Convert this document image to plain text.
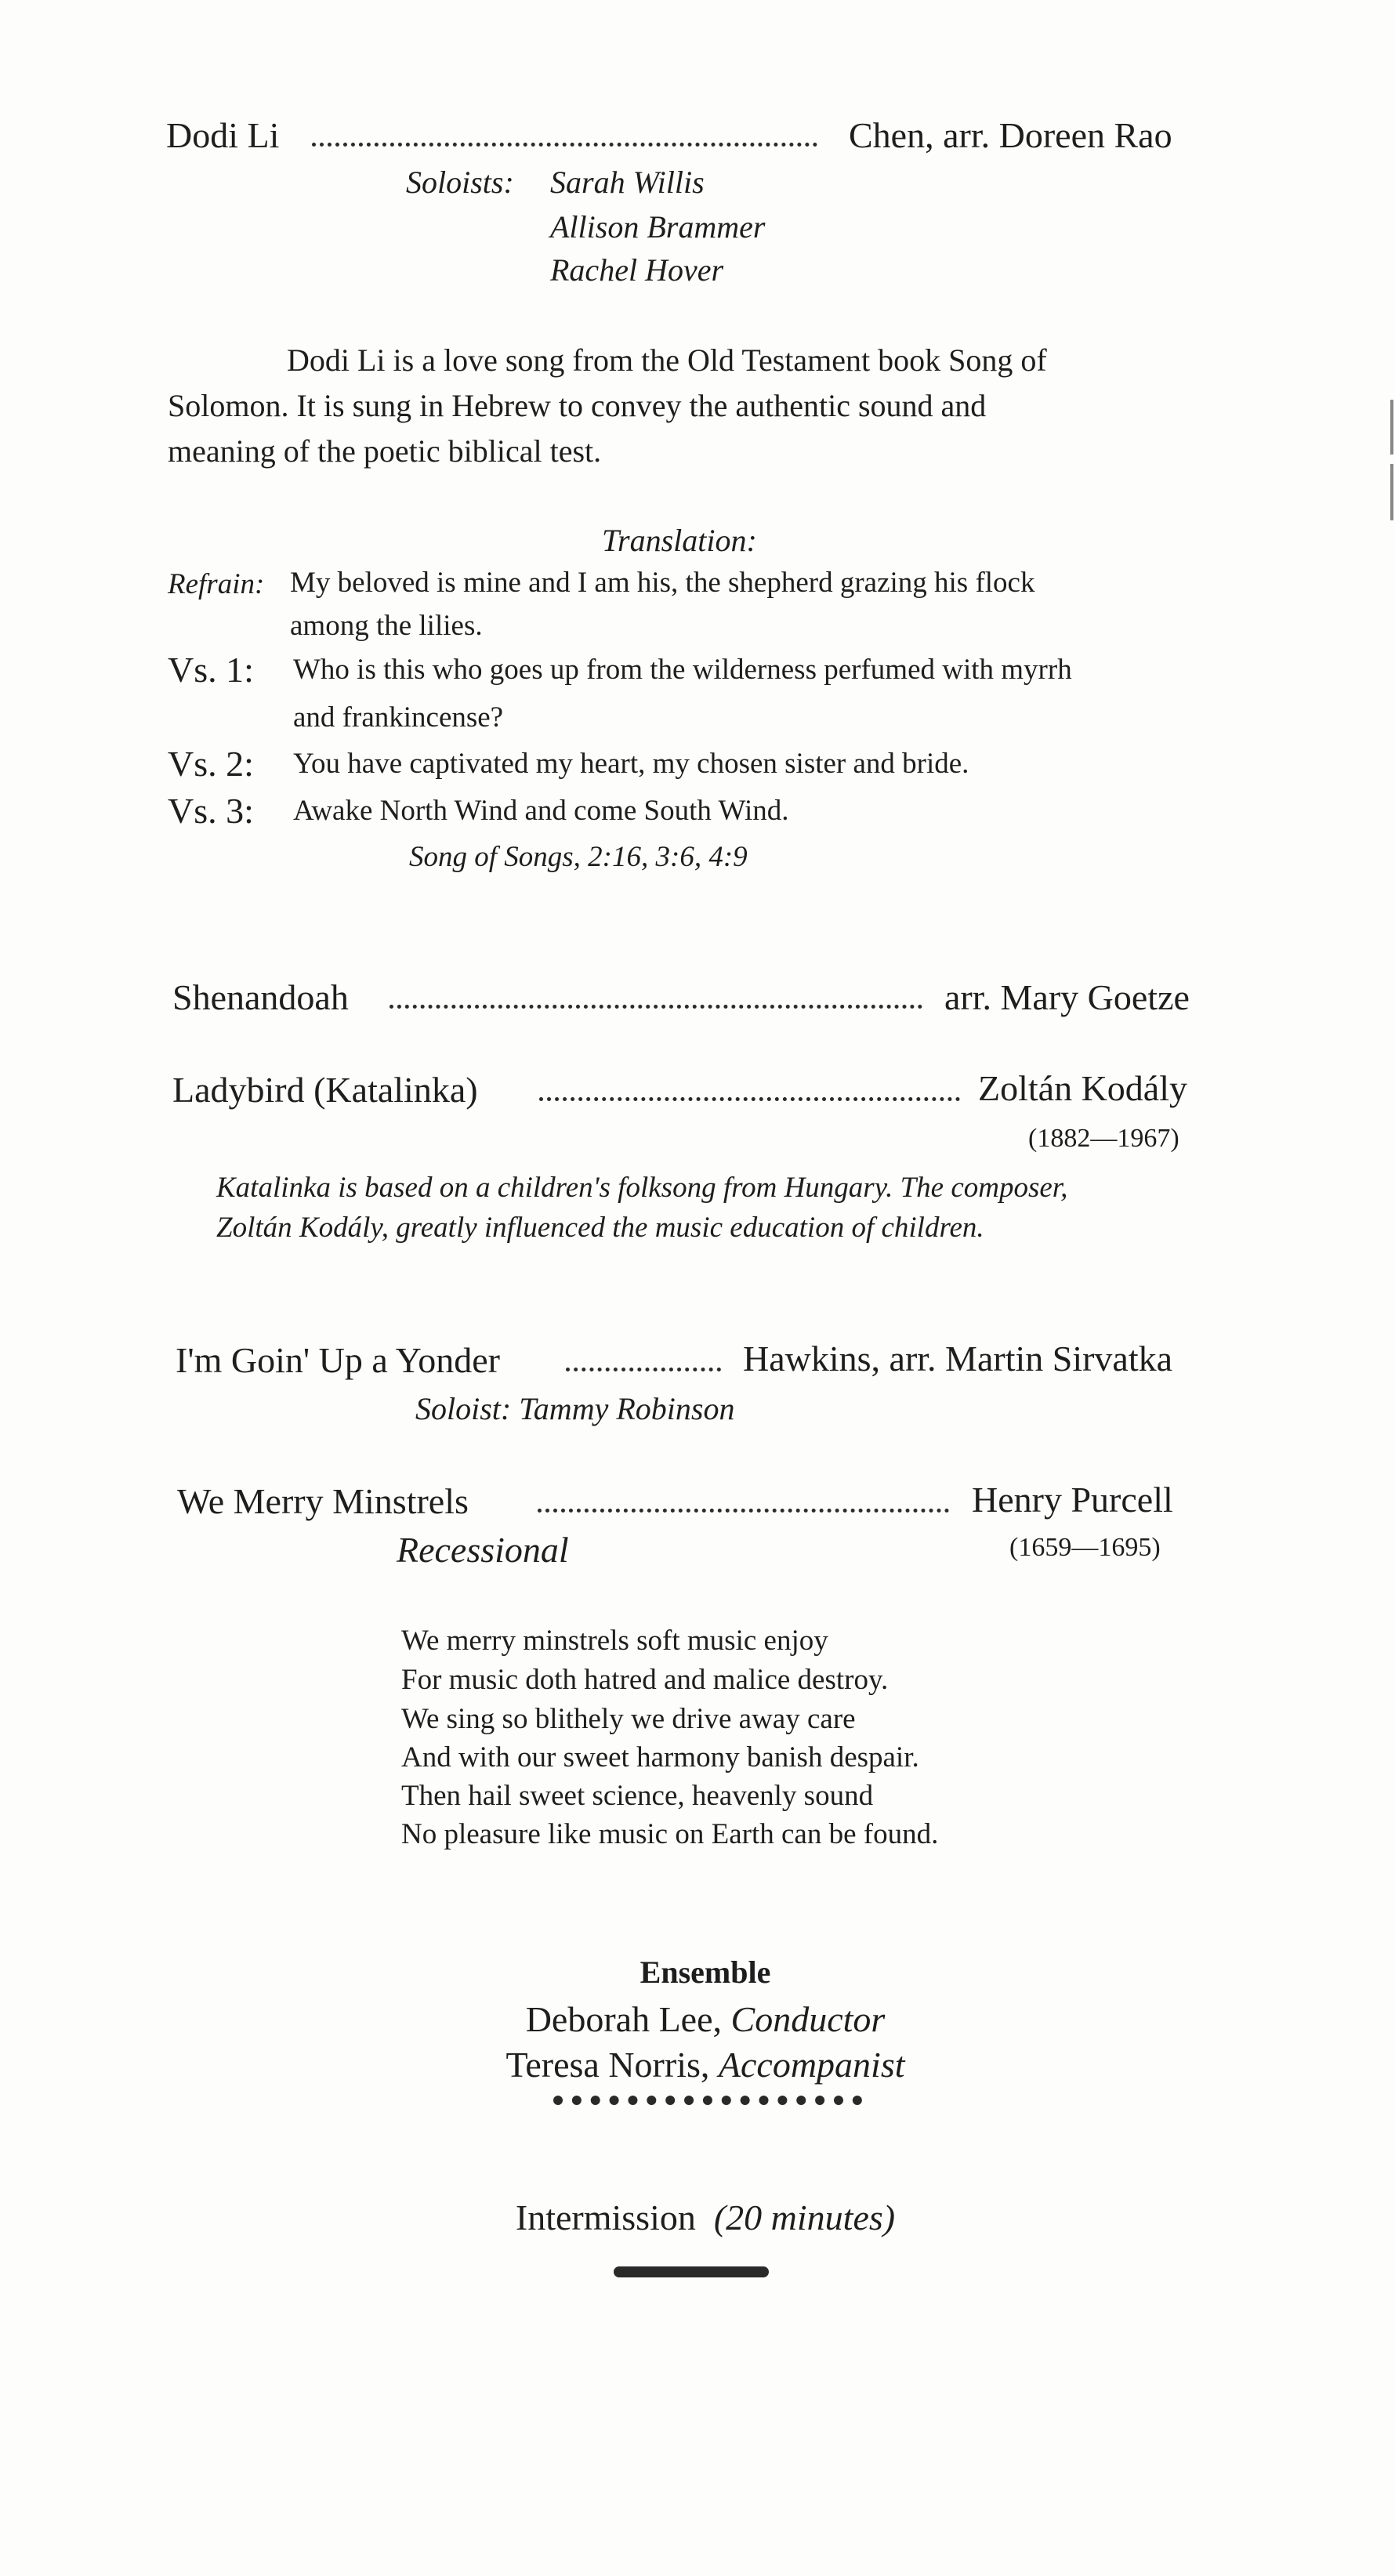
Dodi Li	Chen, arr. Doreen Rao
Soloists: Sarah Willis
Allison Brammer
Rachel Hover
Dodi Li is a love song from the Old Testament book Song of
Solomon. It is sung in Hebrew to convey the authentic sound and
meaning of the poetic biblical test.
Translation:
Refrain: My beloved is mine and I am his, the shepherd grazing his flock
among the lilies.
Vs. 1: Who is this who goes up from the wilderness perfumed with myrrh
and frankincense?
Vs. 2: You have captivated my heart, my chosen sister and bride.
Vs. 3: Awake North Wind and come South Wind.
Song of Songs, 2:16, 3:6, 4:9
Shenandoah	arr. Mary Goetze
Ladybird (Katalinka)	Zoltán Kodály
(1882—1967)
Katalinka is based on a children's folksong from Hungary. The composer,
Zoltán Kodály, greatly influenced the music education of children.
I'm Goin' Up a Yonder	Hawkins, arr. Martin Sirvatka
Soloist: Tammy Robinson
We Merry Minstrels	Henry Purcell
Recessional	(1659—1695)
We merry minstrels soft music enjoy
For music doth hatred and malice destroy.
We sing so blithely we drive away care
And with our sweet harmony banish despair.
Then hail sweet science, heavenly sound
No pleasure like music on Earth can be found.
Ensemble
Deborah Lee, Conductor
Teresa Norris, Accompanist
Intermission (20 minutes)
